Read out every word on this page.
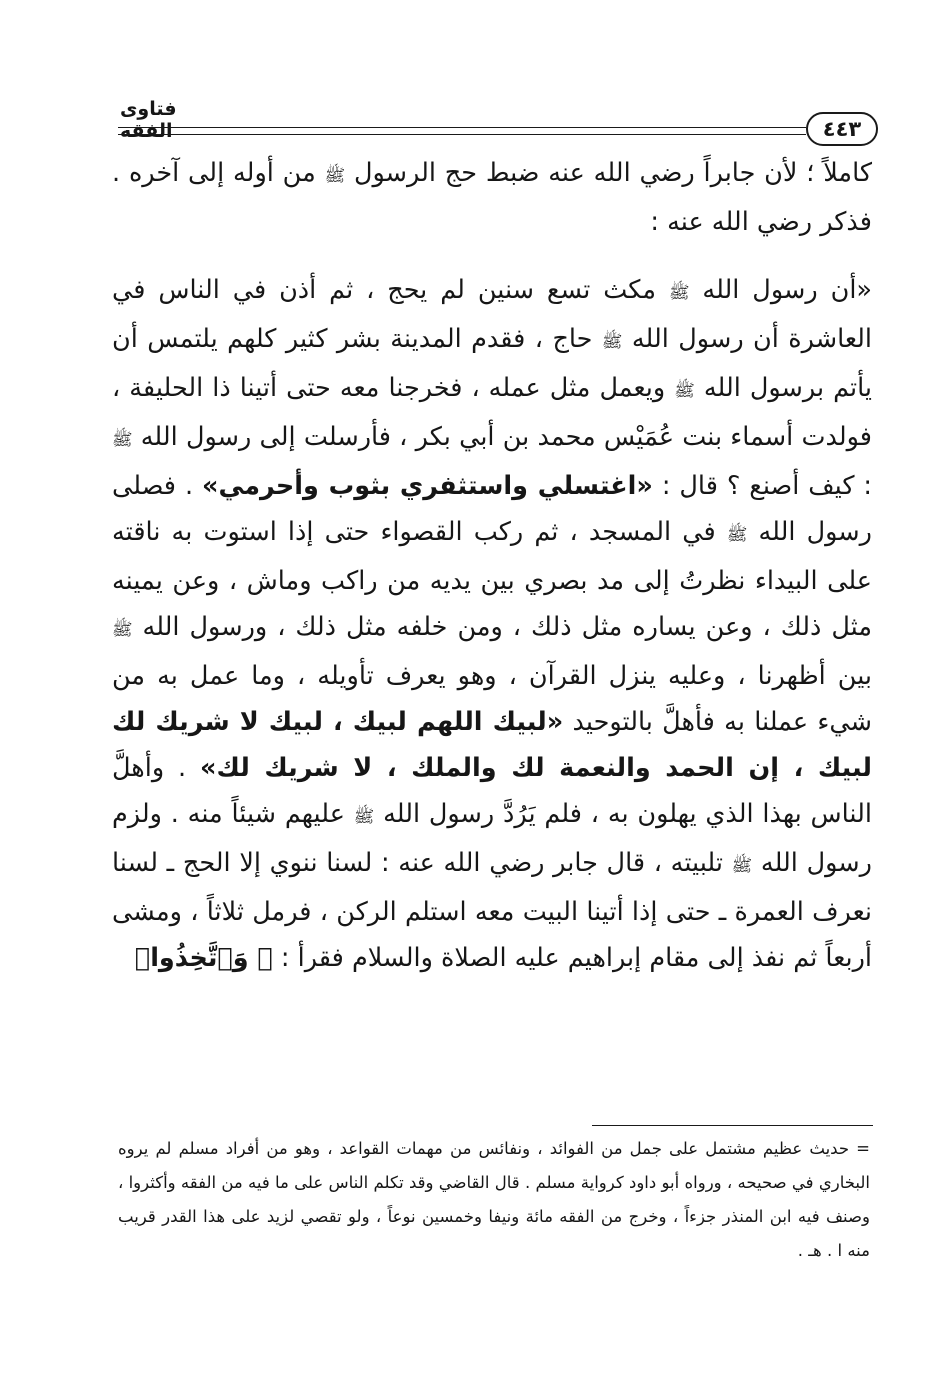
فتاوى الفقه	٤٤٣

كاملاً ؛ لأن جابراً رضي الله عنه ضبط حج الرسول ﷺ من أوله إلى آخره . فذكر رضي الله عنه :

«أن رسول الله ﷺ مكث تسع سنين لم يحج ، ثم أذن في الناس في العاشرة أن رسول الله ﷺ حاج ، فقدم المدينة بشر كثير كلهم يلتمس أن يأتم برسول الله ﷺ ويعمل مثل عمله ، فخرجنا معه حتى أتينا ذا الحليفة ، فولدت أسماء بنت عُمَيْس محمد بن أبي بكر ، فأرسلت إلى رسول الله ﷺ : كيف أصنع ؟ قال : «اغتسلي واستثفري بثوب وأحرمي» . فصلى رسول الله ﷺ في المسجد ، ثم ركب القصواء حتى إذا استوت به ناقته على البيداء نظرتُ إلى مد بصري بين يديه من راكب وماش ، وعن يمينه مثل ذلك ، وعن يساره مثل ذلك ، ومن خلفه مثل ذلك ، ورسول الله ﷺ بين أظهرنا ، وعليه ينزل القرآن ، وهو يعرف تأويله ، وما عمل به من شيء عملنا به فأهلَّ بالتوحيد «لبيك اللهم لبيك ، لبيك لا شريك لك لبيك ، إن الحمد والنعمة لك والملك ، لا شريك لك» . وأهلَّ الناس بهذا الذي يهلون به ، فلم يَرُدَّ رسول الله ﷺ عليهم شيئاً منه . ولزم رسول الله ﷺ تلبيته ، قال جابر رضي الله عنه : لسنا ننوي إلا الحج ـ لسنا نعرف العمرة ـ حتى إذا أتينا البيت معه استلم الركن ، فرمل ثلاثاً ، ومشى أربعاً ثم نفذ إلى مقام إبراهيم عليه الصلاة والسلام فقرأ : ﴿ وَٱتَّخِذُوا۟

= حديث عظيم مشتمل على جمل من الفوائد ، ونفائس من مهمات القواعد ، وهو من أفراد مسلم لم يروه البخاري في صحيحه ، ورواه أبو داود كرواية مسلم . قال القاضي وقد تكلم الناس على ما فيه من الفقه وأكثروا ، وصنف فيه ابن المنذر جزءاً ، وخرج من الفقه مائة ونيفا وخمسين نوعاً ، ولو تقصي لزيد على هذا القدر قريب منه ا . هـ .
